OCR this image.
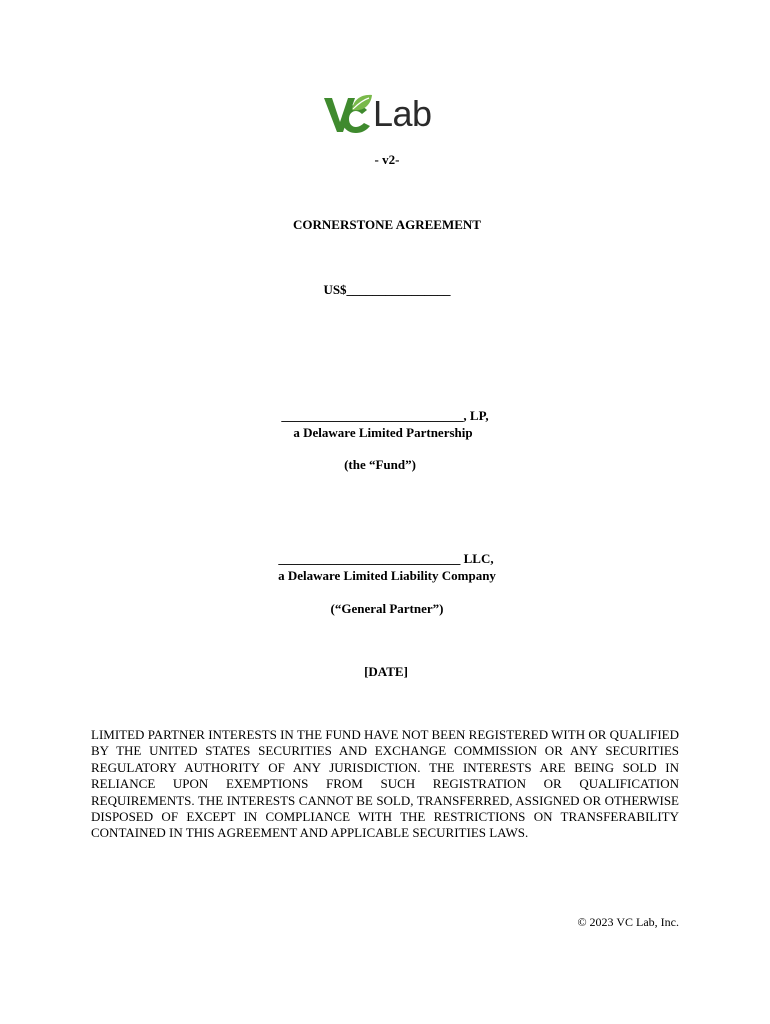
Lab
- v2-
CORNERSTONE AGREEMENT
US$________________
____________________________, LP,
a Delaware Limited Partnership
(the “Fund”)
____________________________ LLC,
a Delaware Limited Liability Company
(“General Partner”)
[DATE]
LIMITED PARTNER INTERESTS IN THE FUND HAVE NOT BEEN REGISTERED WITH OR QUALIFIED BY THE UNITED STATES SECURITIES AND EXCHANGE COMMISSION OR ANY SECURITIES REGULATORY AUTHORITY OF ANY JURISDICTION. THE INTERESTS ARE BEING SOLD IN RELIANCE UPON EXEMPTIONS FROM SUCH REGISTRATION OR QUALIFICATION REQUIREMENTS. THE INTERESTS CANNOT BE SOLD, TRANSFERRED, ASSIGNED OR OTHERWISE DISPOSED OF EXCEPT IN COMPLIANCE WITH THE RESTRICTIONS ON TRANSFERABILITY CONTAINED IN THIS AGREEMENT AND APPLICABLE SECURITIES LAWS.
© 2023 VC Lab, Inc.
